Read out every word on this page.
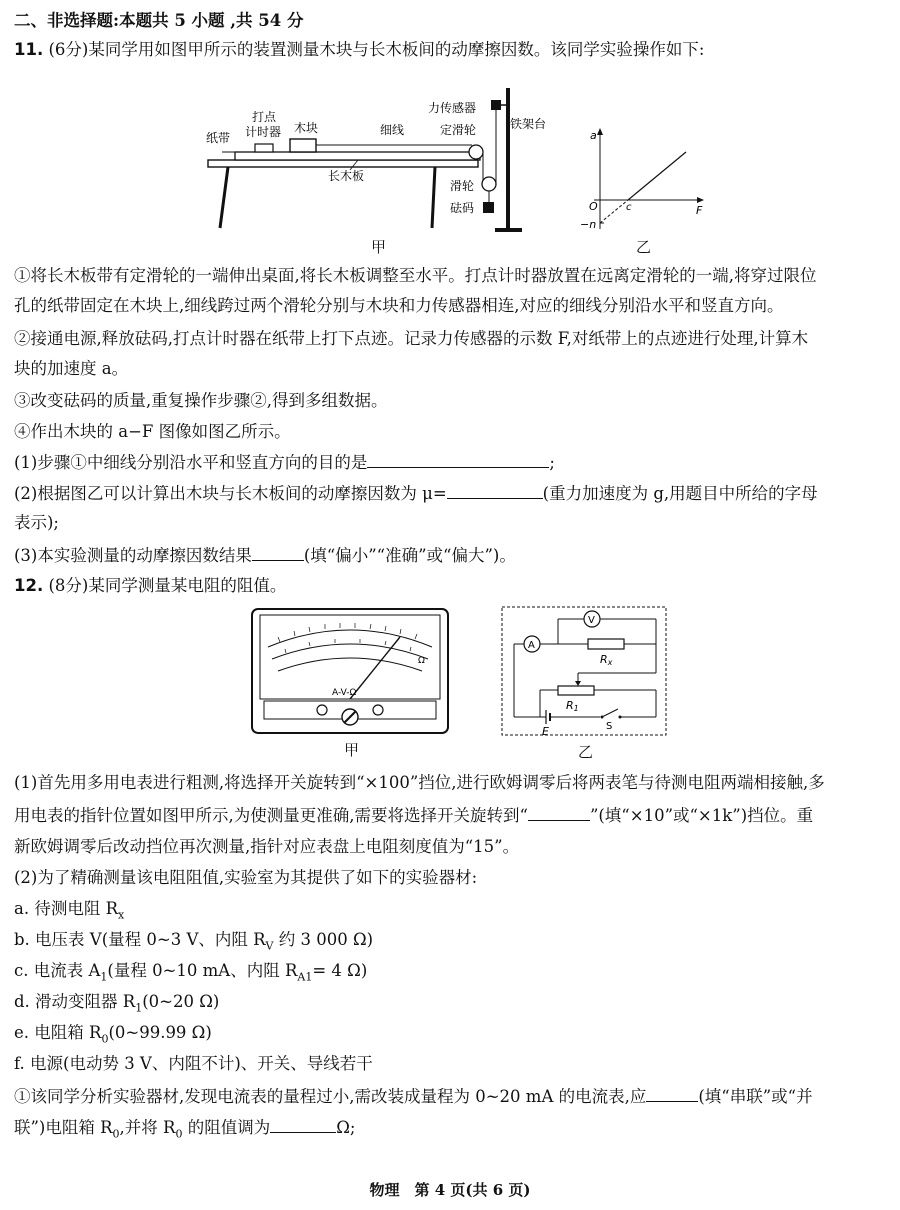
二、非选择题:本题共 5 小题 ,共 54 分
11. (6分)某同学用如图甲所示的装置测量木块与长木板间的动摩擦因数。该同学实验操作如下:
纸带
打点
计时器 木块	细线
力传感器
定滑轮	铁架台
长木板
滑轮
砝码
甲
a
O	c	F
−n
乙
①将长木板带有定滑轮的一端伸出桌面,将长木板调整至水平。打点计时器放置在远离定滑轮的一端,将穿过限位
孔的纸带固定在木块上,细线跨过两个滑轮分别与木块和力传感器相连,对应的细线分别沿水平和竖直方向。
②接通电源,释放砝码,打点计时器在纸带上打下点迹。记录力传感器的示数 F,对纸带上的点迹进行处理,计算木
块的加速度 a。
③改变砝码的质量,重复操作步骤②,得到多组数据。
④作出木块的 a−F 图像如图乙所示。
(1)步骤①中细线分别沿水平和竖直方向的目的是	;
(2)根据图乙可以计算出木块与长木板间的动摩擦因数为 μ=	(重力加速度为 g,用题目中所给的字母
表示);
(3)本实验测量的动摩擦因数结果	(填“偏小”“准确”或“偏大”)。
12. (8分)某同学测量某电阻的阻值。
Ω
A-V-Ω
甲
V
A
Rx
R1
E	S
乙
(1)首先用多用电表进行粗测,将选择开关旋转到“×100”挡位,进行欧姆调零后将两表笔与待测电阻两端相接触,多
用电表的指针位置如图甲所示,为使测量更准确,需要将选择开关旋转到“	”(填“×10”或“×1k”)挡位。重
新欧姆调零后改动挡位再次测量,指针对应表盘上电阻刻度值为“15”。
(2)为了精确测量该电阻阻值,实验室为其提供了如下的实验器材:
a. 待测电阻 $R_x$
b. 电压表 V(量程 0~3 V、内阻 $R_V$ 约 3 000 Ω)
c. 电流表 $A_1$(量程 0~10 mA、内阻 $R_{A1}= 4$ Ω)
d. 滑动变阻器 $R_1(0\sim 20$ Ω)
e. 电阻箱 $R_0(0\sim 99.99$ Ω)
f. 电源(电动势 3 V、内阻不计)、开关、导线若干
①该同学分析实验器材,发现电流表的量程过小,需改装成量程为 0~20 mA 的电流表,应	(填“串联”或“并
联”)电阻箱 $R_0$,并将 $R_0$ 的阻值调为	Ω;
物理　第 4 页(共 6 页)
